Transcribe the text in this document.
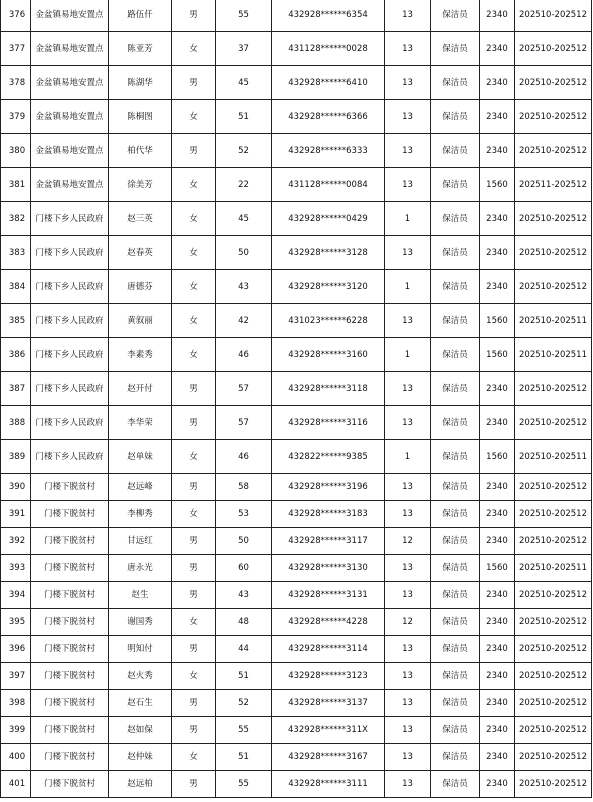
376	金盆镇易地安置点	路伍仟	男	55	432928******6354	13	保洁员	2340	202510-202512
377	金盆镇易地安置点	陈亚芳	女	37	431128******0028	13	保洁员	2340	202510-202512
378	金盆镇易地安置点	陈湖华	男	45	432928******6410	13	保洁员	2340	202510-202512
379	金盆镇易地安置点	陈桐图	女	51	432928******6366	13	保洁员	2340	202510-202512
380	金盆镇易地安置点	柏代华	男	52	432928******6333	13	保洁员	2340	202510-202512
381	金盆镇易地安置点	徐美芳	女	22	431128******0084	13	保洁员	1560	202511-202512
382	门楼下乡人民政府	赵三英	女	45	432928******0429	1	保洁员	2340	202510-202512
383	门楼下乡人民政府	赵春英	女	50	432928******3128	13	保洁员	2340	202510-202512
384	门楼下乡人民政府	唐德芬	女	43	432928******3120	1	保洁员	2340	202510-202512
385	门楼下乡人民政府	黄叙丽	女	42	431023******6228	13	保洁员	1560	202510-202511
386	门楼下乡人民政府	李素秀	女	46	432928******3160	1	保洁员	1560	202510-202511
387	门楼下乡人民政府	赵开付	男	57	432928******3118	13	保洁员	2340	202510-202512
388	门楼下乡人民政府	李华荣	男	57	432928******3116	13	保洁员	2340	202510-202512
389	门楼下乡人民政府	赵单妹	女	46	432822******9385	1	保洁员	1560	202510-202511
390	门楼下脱贫村	赵远峰	男	58	432928******3196	13	保洁员	2340	202510-202512
391	门楼下脱贫村	李柳秀	女	53	432928******3183	13	保洁员	2340	202510-202512
392	门楼下脱贫村	甘远红	男	50	432928******3117	12	保洁员	2340	202510-202512
393	门楼下脱贫村	唐永光	男	60	432928******3130	13	保洁员	1560	202510-202511
394	门楼下脱贫村	赵生	男	43	432928******3131	13	保洁员	2340	202510-202512
395	门楼下脱贫村	谢国秀	女	48	432928******4228	12	保洁员	2340	202510-202512
396	门楼下脱贫村	明知付	男	44	432928******3114	13	保洁员	2340	202510-202512
397	门楼下脱贫村	赵火秀	女	51	432928******3123	13	保洁员	2340	202510-202512
398	门楼下脱贫村	赵石生	男	52	432928******3137	13	保洁员	2340	202510-202512
399	门楼下脱贫村	赵如保	男	55	432928******311X	13	保洁员	2340	202510-202512
400	门楼下脱贫村	赵仲妹	女	51	432928******3167	13	保洁员	2340	202510-202512
401	门楼下脱贫村	赵远柏	男	55	432928******3111	13	保洁员	2340	202510-202512
